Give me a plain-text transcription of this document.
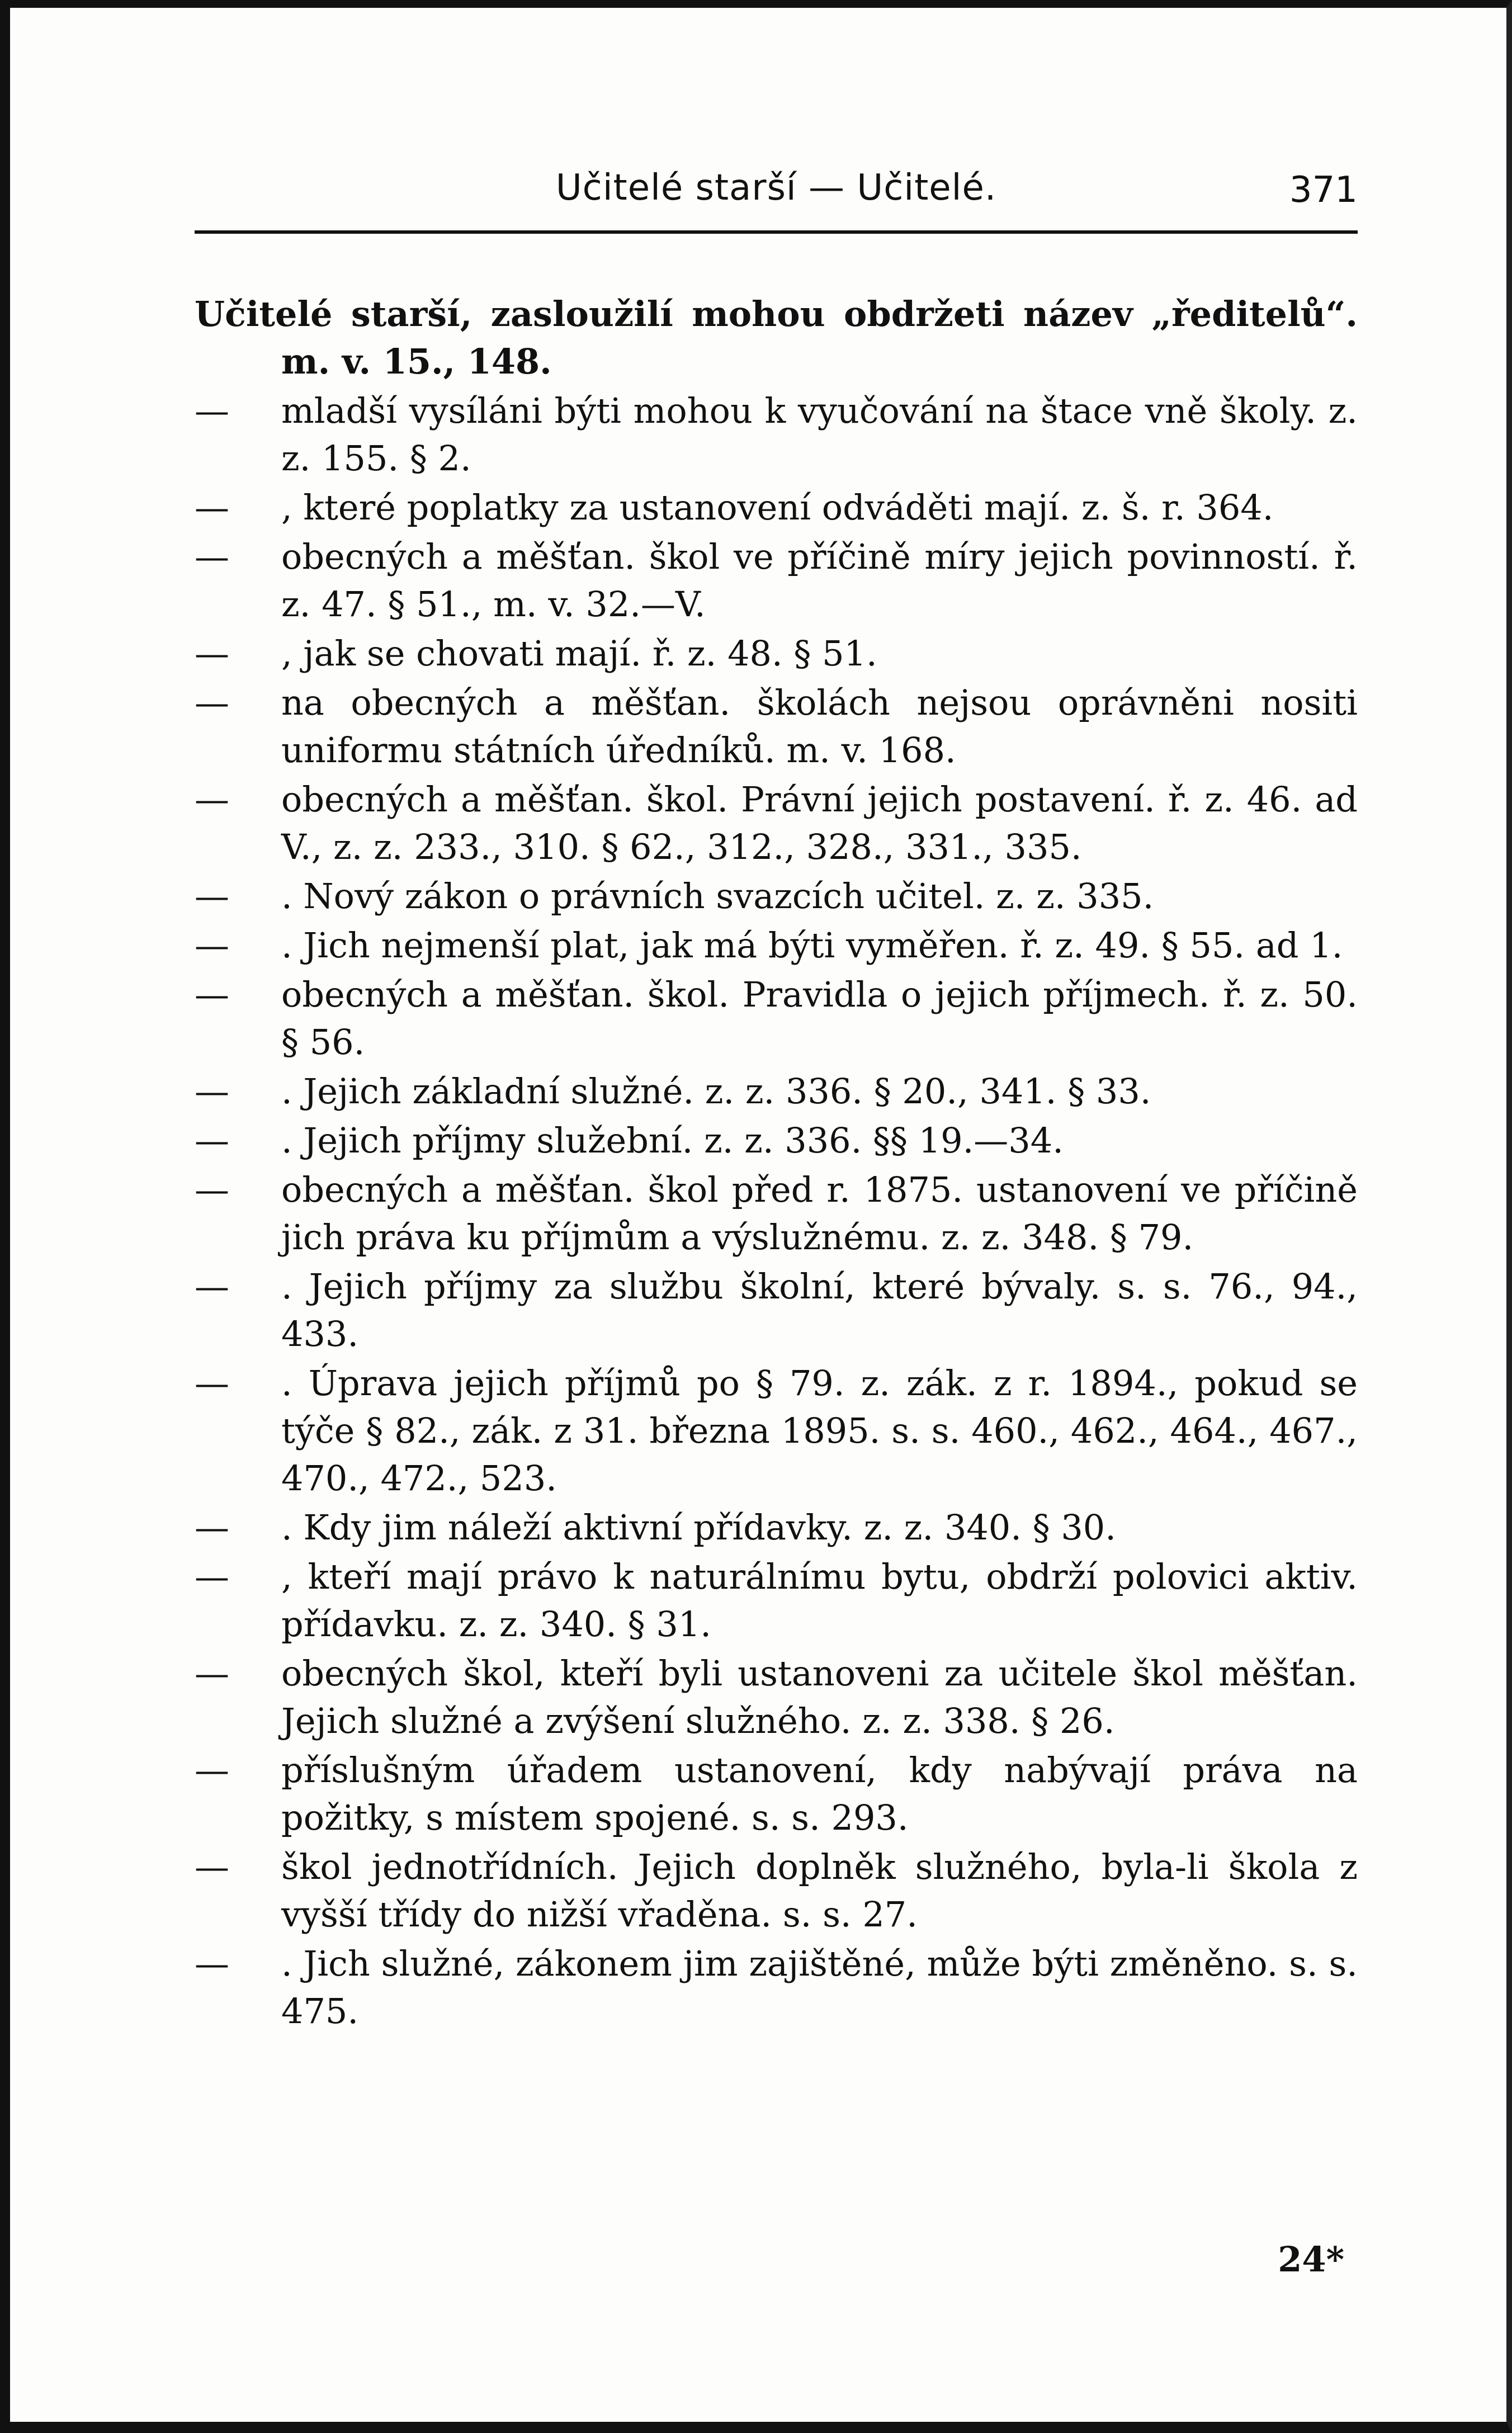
Učitelé starší — Učitelé.	371
Učitelé starší, zasloužilí mohou obdržeti název „ředitelů“. m. v. 15., 148.
—	mladší vysíláni býti mohou k vyučování na štace vně školy. z. z. 155. § 2.
—	, které poplatky za ustanovení odváděti mají. z. š. r. 364.
—	obecných a měšťan. škol ve příčině míry jejich povinností. ř. z. 47. § 51., m. v. 32.—V.
—	, jak se chovati mají. ř. z. 48. § 51.
—	na obecných a měšťan. školách nejsou oprávněni nositi uniformu státních úředníků. m. v. 168.
—	obecných a měšťan. škol. Právní jejich postavení. ř. z. 46. ad V., z. z. 233., 310. § 62., 312., 328., 331., 335.
—	. Nový zákon o právních svazcích učitel. z. z. 335.
—	. Jich nejmenší plat, jak má býti vyměřen. ř. z. 49. § 55. ad 1.
—	obecných a měšťan. škol. Pravidla o jejich příjmech. ř. z. 50. § 56.
—	. Jejich základní služné. z. z. 336. § 20., 341. § 33.
—	. Jejich příjmy služební. z. z. 336. §§ 19.—34.
—	obecných a měšťan. škol před r. 1875. ustanovení ve příčině jich práva ku příjmům a výslužnému. z. z. 348. § 79.
—	. Jejich příjmy za službu školní, které bývaly. s. s. 76., 94., 433.
—	. Úprava jejich příjmů po § 79. z. zák. z r. 1894., pokud se týče § 82., zák. z 31. března 1895. s. s. 460., 462., 464., 467., 470., 472., 523.
—	. Kdy jim náleží aktivní přídavky. z. z. 340. § 30.
—	, kteří mají právo k naturálnímu bytu, obdrží polovici aktiv. přídavku. z. z. 340. § 31.
—	obecných škol, kteří byli ustanoveni za učitele škol měšťan. Jejich služné a zvýšení služného. z. z. 338. § 26.
—	příslušným úřadem ustanovení, kdy nabývají práva na požitky, s místem spojené. s. s. 293.
—	škol jednotřídních. Jejich doplněk služného, byla-li škola z vyšší třídy do nižší vřaděna. s. s. 27.
—	. Jich služné, zákonem jim zajištěné, může býti změněno. s. s. 475.
24*
